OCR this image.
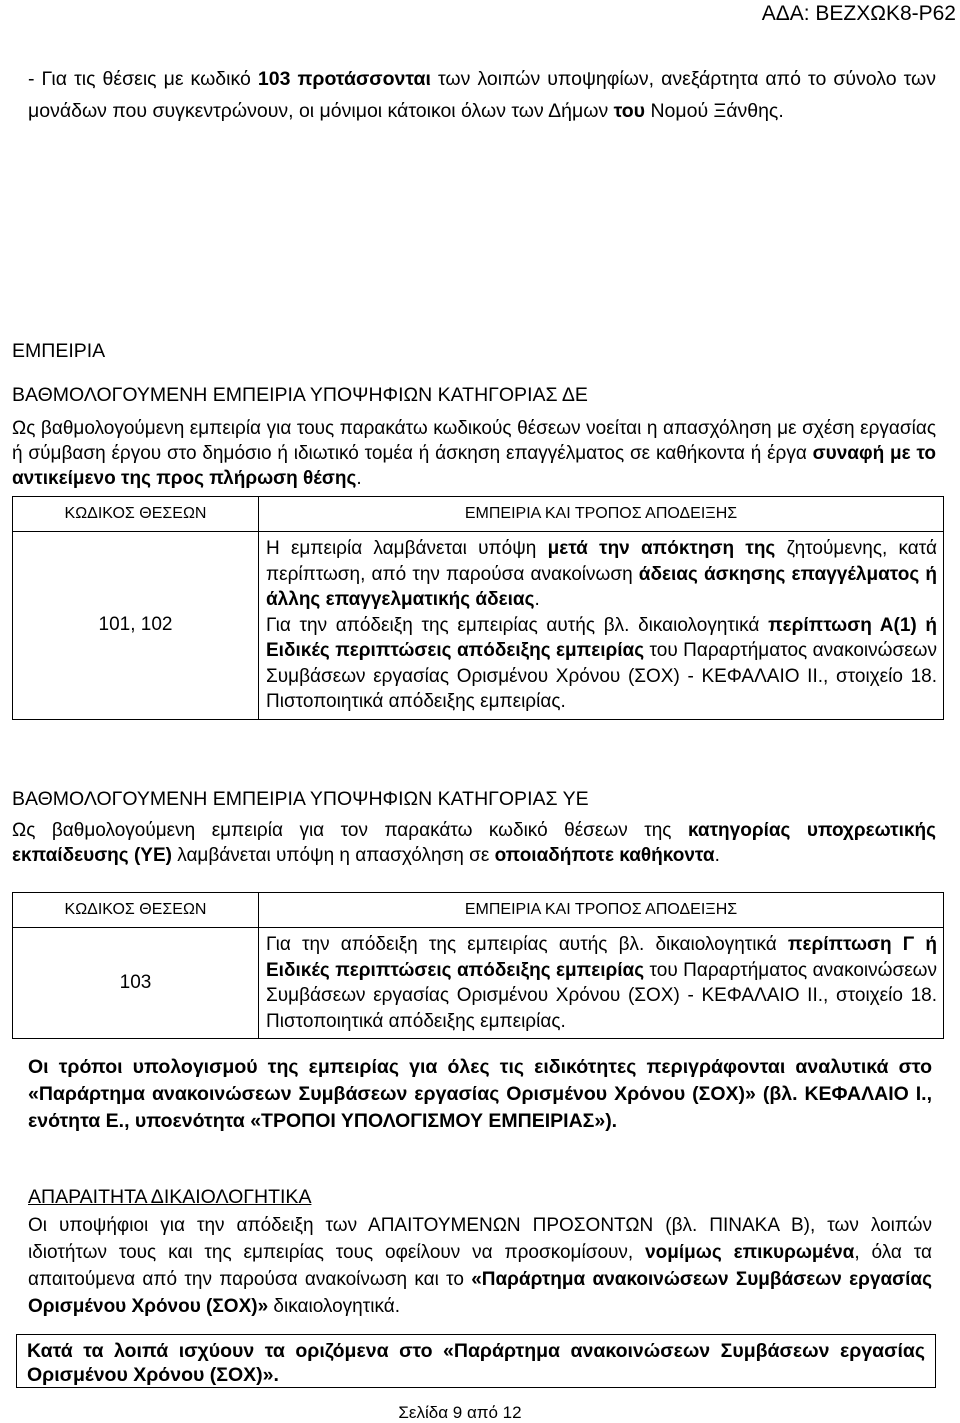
ΑΔΑ: ΒΕΖΧΩΚ8-Ρ62

- Για τις θέσεις με κωδικό 103 προτάσσονται των λοιπών υποψηφίων, ανεξάρτητα από το σύνολο των μονάδων που συγκεντρώνουν, οι μόνιμοι κάτοικοι όλων των Δήμων του Νομού Ξάνθης.

ΕΜΠΕΙΡΙΑ

ΒΑΘΜΟΛΟΓΟΥΜΕΝΗ ΕΜΠΕΙΡΙΑ ΥΠΟΨΗΦΙΩΝ ΚΑΤΗΓΟΡΙΑΣ ΔΕ

Ως βαθμολογούμενη εμπειρία για τους παρακάτω κωδικούς θέσεων νοείται η απασχόληση με σχέση εργασίας ή σύμβαση έργου στο δημόσιο ή ιδιωτικό τομέα ή άσκηση επαγγέλματος σε καθήκοντα ή έργα συναφή με το αντικείμενο της προς πλήρωση θέσης.

ΚΩΔΙΚΟΣ ΘΕΣΕΩΝ	ΕΜΠΕΙΡΙΑ ΚΑΙ ΤΡΟΠΟΣ ΑΠΟΔΕΙΞΗΣ
101, 102	Η εμπειρία λαμβάνεται υπόψη μετά την απόκτηση της ζητούμενης, κατά περίπτωση, από την παρούσα ανακοίνωση άδειας άσκησης επαγγέλματος ή άλλης επαγγελματικής άδειας.
Για την απόδειξη της εμπειρίας αυτής βλ. δικαιολογητικά περίπτωση Α(1) ή Ειδικές περιπτώσεις απόδειξης εμπειρίας του Παραρτήματος ανακοινώσεων Συμβάσεων εργασίας Ορισμένου Χρόνου (ΣΟΧ) - ΚΕΦΑΛΑΙΟ ΙΙ., στοιχείο 18. Πιστοποιητικά απόδειξης εμπειρίας.

ΒΑΘΜΟΛΟΓΟΥΜΕΝΗ ΕΜΠΕΙΡΙΑ ΥΠΟΨΗΦΙΩΝ ΚΑΤΗΓΟΡΙΑΣ ΥΕ

Ως βαθμολογούμενη εμπειρία για τον παρακάτω κωδικό θέσεων της κατηγορίας υποχρεωτικής εκπαίδευσης (ΥΕ) λαμβάνεται υπόψη η απασχόληση σε οποιαδήποτε καθήκοντα.

ΚΩΔΙΚΟΣ ΘΕΣΕΩΝ	ΕΜΠΕΙΡΙΑ ΚΑΙ ΤΡΟΠΟΣ ΑΠΟΔΕΙΞΗΣ
103	Για την απόδειξη της εμπειρίας αυτής βλ. δικαιολογητικά περίπτωση Γ ή Ειδικές περιπτώσεις απόδειξης εμπειρίας του Παραρτήματος ανακοινώσεων Συμβάσεων εργασίας Ορισμένου Χρόνου (ΣΟΧ) - ΚΕΦΑΛΑΙΟ ΙΙ., στοιχείο 18. Πιστοποιητικά απόδειξης εμπειρίας.

Οι τρόποι υπολογισμού της εμπειρίας για όλες τις ειδικότητες περιγράφονται αναλυτικά στο «Παράρτημα ανακοινώσεων Συμβάσεων εργασίας Ορισμένου Χρόνου (ΣΟΧ)» (βλ. ΚΕΦΑΛΑΙΟ Ι., ενότητα Ε., υποενότητα «ΤΡΟΠΟΙ ΥΠΟΛΟΓΙΣΜΟΥ ΕΜΠΕΙΡΙΑΣ»).

ΑΠΑΡΑΙΤΗΤΑ ΔΙΚΑΙΟΛΟΓΗΤΙΚΑ

Οι υποψήφιοι για την απόδειξη των ΑΠΑΙΤΟΥΜΕΝΩΝ ΠΡΟΣΟΝΤΩΝ (βλ. ΠΙΝΑΚΑ Β), των λοιπών ιδιοτήτων τους και της εμπειρίας τους οφείλουν να προσκομίσουν, νομίμως επικυρωμένα, όλα τα απαιτούμενα από την παρούσα ανακοίνωση και το «Παράρτημα ανακοινώσεων Συμβάσεων εργασίας Ορισμένου Χρόνου (ΣΟΧ)» δικαιολογητικά.

Κατά τα λοιπά ισχύουν τα οριζόμενα στο «Παράρτημα ανακοινώσεων Συμβάσεων εργασίας Ορισμένου Χρόνου (ΣΟΧ)».
Σελίδα 9 από 12
